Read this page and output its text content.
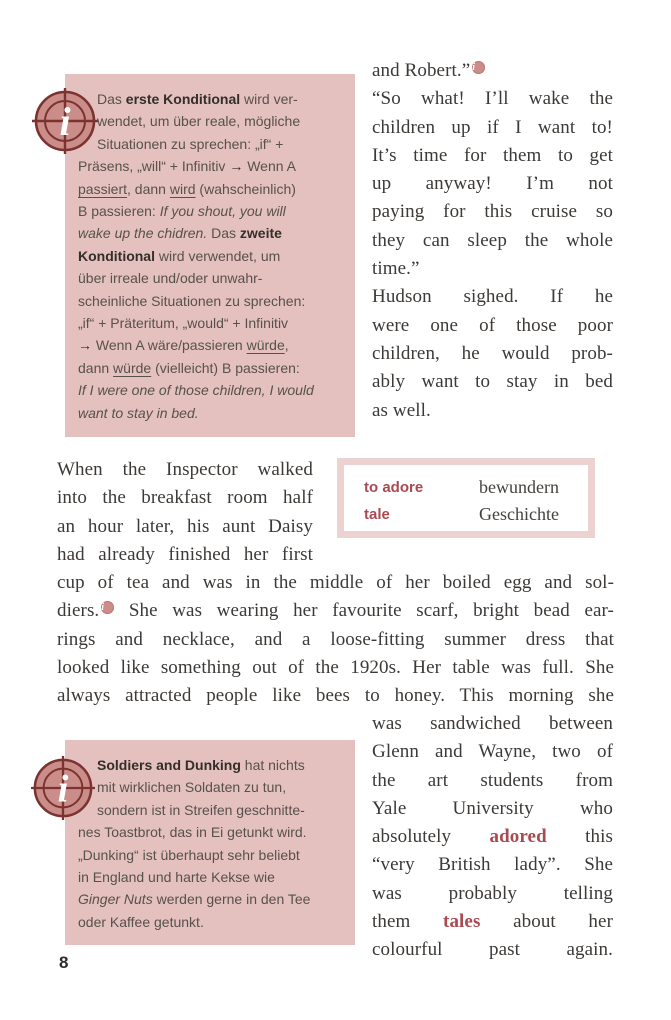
Das erste Konditional wird ver-
wendet, um über reale, mögliche
Situationen zu sprechen: „if“ +
Präsens, „will“ + Infinitiv → Wenn A
passiert, dann wird (wahscheinlich)
B passieren: If you shout, you will
wake up the chidren. Das zweite
Konditional wird verwendet, um
über irreale und/oder unwahr-
scheinliche Situationen zu sprechen:
„if“ + Präteritum, „would“ + Infinitiv
→ Wenn A wäre/passieren würde,
dann würde (vielleicht) B passieren:
If I were one of those children, I would
want to stay in bed.
i
and Robert.” i
“So what! I’ll wake the
children up if I want to!
It’s time for them to get
up anyway! I’m not
paying for this cruise so
they can sleep the whole
time.”
Hudson sighed. If he
were one of those poor
children, he would prob-
ably want to stay in bed
as well.
When the Inspector walked
into the breakfast room half
an hour later, his aunt Daisy
had already finished her first
cup of tea and was in the middle of her boiled egg and sol-
diers. i She was wearing her favourite scarf, bright bead ear-
rings and necklace, and a loose-fitting summer dress that
looked like something out of the 1920s. Her table was full. She
always attracted people like bees to honey. This morning she
to adore	bewundern
tale	Geschichte
Soldiers and Dunking hat nichts
mit wirklichen Soldaten zu tun,
sondern ist in Streifen geschnitte-
nes Toastbrot, das in Ei getunkt wird.
„Dunking“ ist überhaupt sehr beliebt
in England und harte Kekse wie
Ginger Nuts werden gerne in den Tee
oder Kaffee getunkt.
i
was sandwiched between
Glenn and Wayne, two of
the art students from
Yale University who
absolutely adored this
“very British lady”. She
was probably telling
them tales about her
colourful past again.
8
